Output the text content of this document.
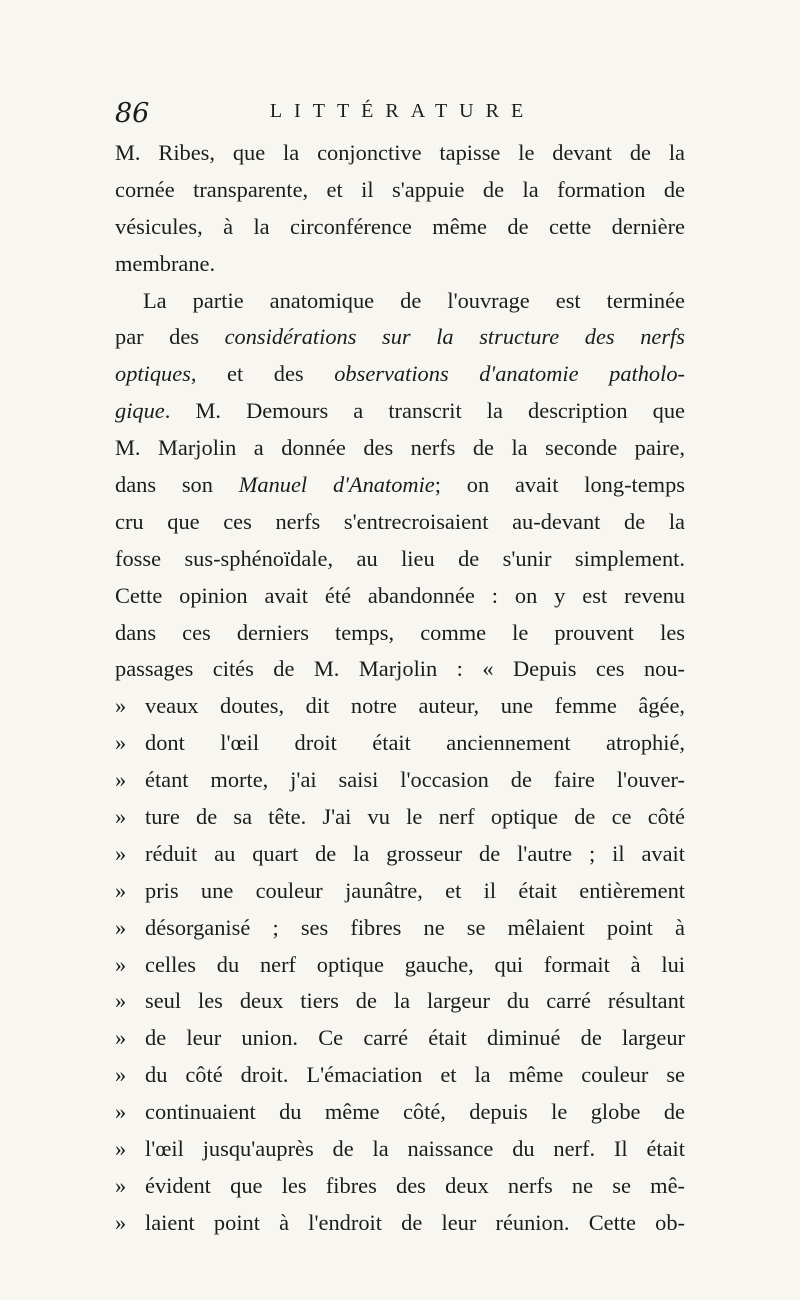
86	LITTÉRATURE
M. Ribes, que la conjonctive tapisse le devant de la
cornée transparente, et il s'appuie de la formation de
vésicules, à la circonférence même de cette dernière
membrane.
La partie anatomique de l'ouvrage est terminée
par des considérations sur la structure des nerfs
optiques, et des observations d'anatomie patholo-
gique. M. Demours a transcrit la description que
M. Marjolin a donnée des nerfs de la seconde paire,
dans son Manuel d'Anatomie; on avait long-temps
cru que ces nerfs s'entrecroisaient au-devant de la
fosse sus-sphénoïdale, au lieu de s'unir simplement.
Cette opinion avait été abandonnée : on y est revenu
dans ces derniers temps, comme le prouvent les
passages cités de M. Marjolin : « Depuis ces nou-
» veaux doutes, dit notre auteur, une femme âgée,
» dont l'œil droit était anciennement atrophié,
» étant morte, j'ai saisi l'occasion de faire l'ouver-
» ture de sa tête. J'ai vu le nerf optique de ce côté
» réduit au quart de la grosseur de l'autre ; il avait
» pris une couleur jaunâtre, et il était entièrement
» désorganisé ; ses fibres ne se mêlaient point à
» celles du nerf optique gauche, qui formait à lui
» seul les deux tiers de la largeur du carré résultant
» de leur union. Ce carré était diminué de largeur
» du côté droit. L'émaciation et la même couleur se
» continuaient du même côté, depuis le globe de
» l'œil jusqu'auprès de la naissance du nerf. Il était
» évident que les fibres des deux nerfs ne se mê-
» laient point à l'endroit de leur réunion. Cette ob-
